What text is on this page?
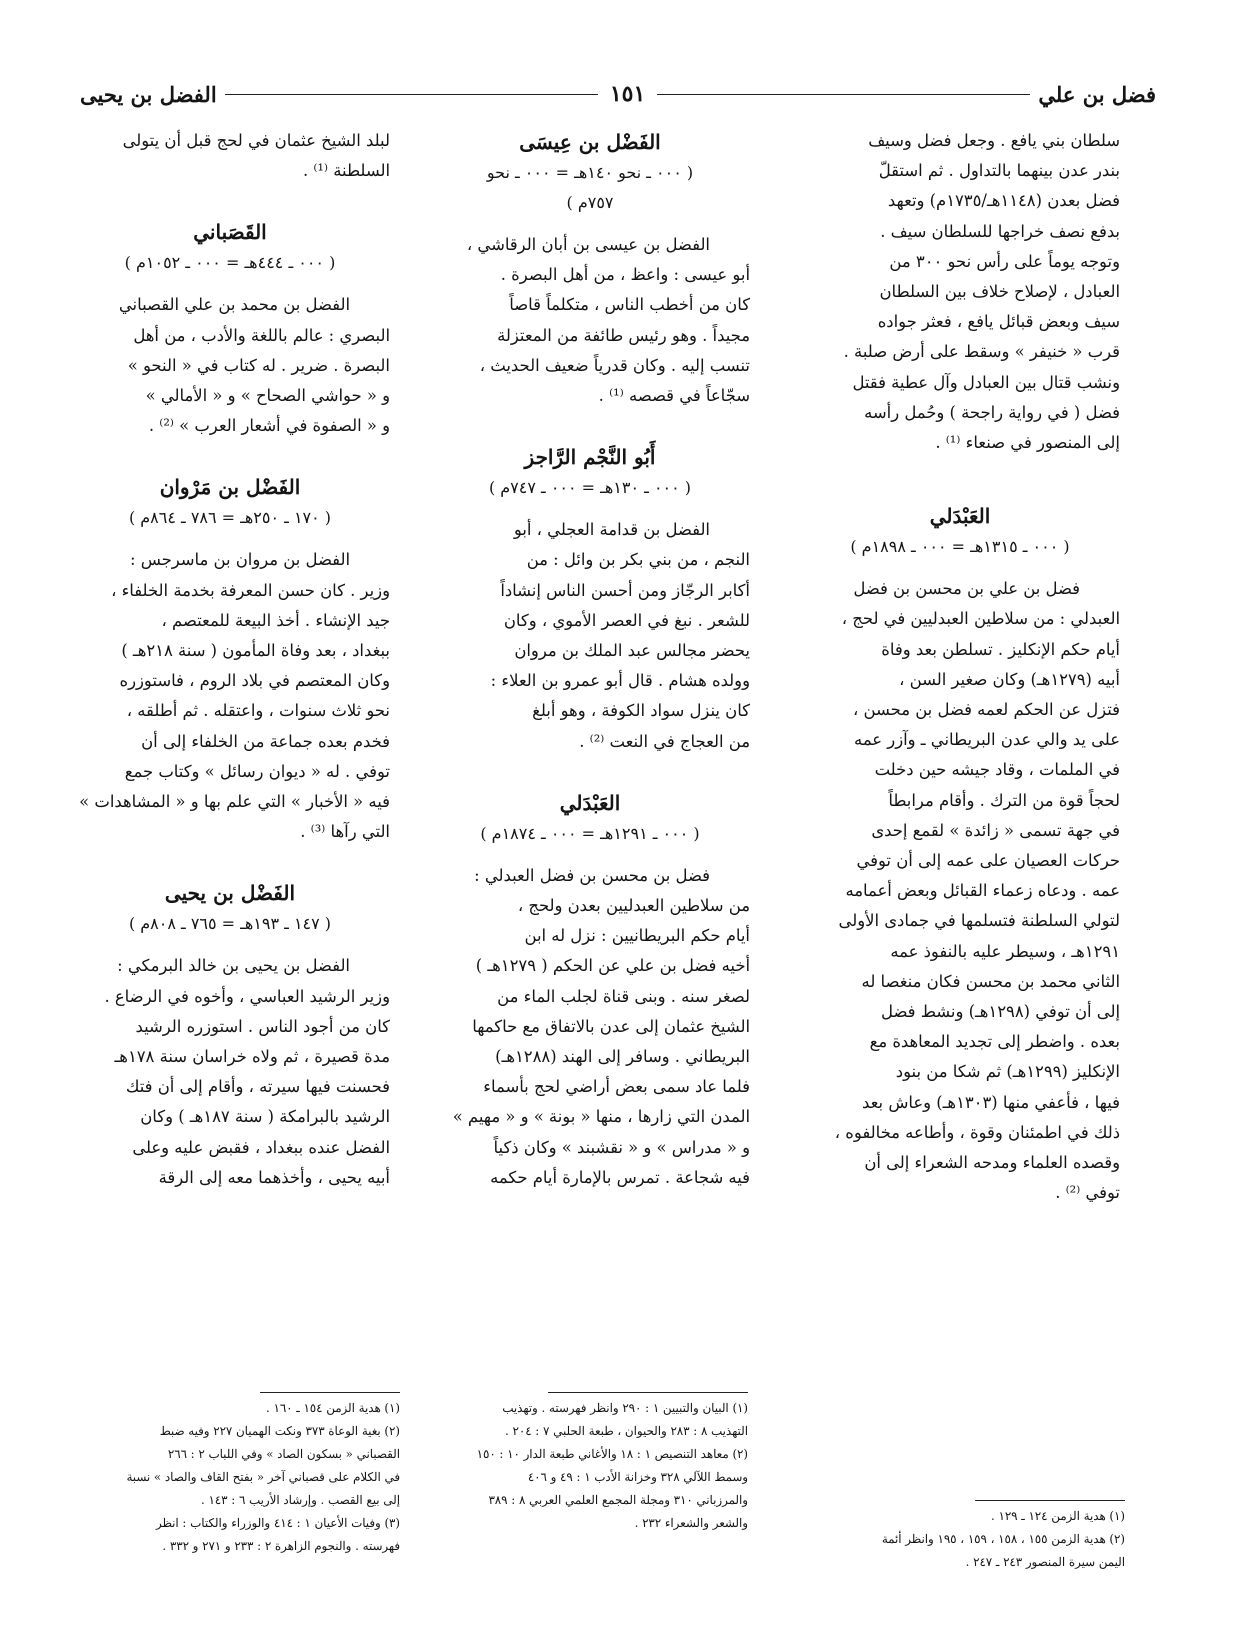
فضل بن علي
١٥١
الفضل بن يحيى

سلطان بني يافع . وجعل فضل وسيف

بندر عدن بينهما بالتداول . ثم استقلّ

فضل بعدن (١١٤٨هـ/١٧٣٥م) وتعهد

بدفع نصف خراجها للسلطان سيف .

وتوجه يوماً على رأس نحو ٣٠٠ من

العبادل ، لإصلاح خلاف بين السلطان

سيف وبعض قبائل يافع ، فعثر جواده

قرب « خنيفر » وسقط على أرض صلبة .

ونشب قتال بين العبادل وآل عطية فقتل

فضل ( في رواية راجحة ) وحُمل رأسه

إلى المنصور في صنعاء ⁽¹⁾ .

العَبْدَلي

( ٠٠٠ ـ ١٣١٥هـ = ٠٠٠ ـ ١٨٩٨م )

فضل بن علي بن محسن بن فضل

العبدلي : من سلاطين العبدليين في لحج ،

أيام حكم الإنكليز . تسلطن بعد وفاة

أبيه (١٢٧٩هـ) وكان صغير السن ،

فتزل عن الحكم لعمه فضل بن محسن ،

على يد والي عدن البريطاني ـ وآزر عمه

في الملمات ، وقاد جيشه حين دخلت

لحجاً قوة من الترك . وأقام مرابطاً

في جهة تسمى « زائدة » لقمع إحدى

حركات العصيان على عمه إلى أن توفي

عمه . ودعاه زعماء القبائل وبعض أعمامه

لتولي السلطنة فتسلمها في جمادى الأولى

١٢٩١هـ ، وسيطر عليه بالنفوذ عمه

الثاني محمد بن محسن فكان منغصا له

إلى أن توفي (١٢٩٨هـ) ونشط فضل

بعده . واضطر إلى تجديد المعاهدة مع

الإنكليز (١٢٩٩هـ) ثم شكا من بنود

فيها ، فأعفي منها (١٣٠٣هـ) وعاش بعد

ذلك في اطمئنان وقوة ، وأطاعه مخالفوه ،

وقصده العلماء ومدحه الشعراء إلى أن

توفي ⁽²⁾ .

الفَضْل بن عِيسَى

( ٠٠٠ ـ نحو ١٤٠هـ = ٠٠٠ ـ نحو

٧٥٧م )

الفضل بن عيسى بن أبان الرقاشي ،

أبو عيسى : واعظ ، من أهل البصرة .

كان من أخطب الناس ، متكلماً قاصاً

مجيداً . وهو رئيس طائفة من المعتزلة

تنسب إليه . وكان قدرياً ضعيف الحديث ،

سجّاعاً في قصصه ⁽¹⁾ .

أَبُو النَّجْم الرَّاجز

( ٠٠٠ ـ ١٣٠هـ = ٠٠٠ ـ ٧٤٧م )

الفضل بن قدامة العجلي ، أبو

النجم ، من بني بكر بن وائل : من

أكابر الرجّاز ومن أحسن الناس إنشاداً

للشعر . نبغ في العصر الأموي ، وكان

يحضر مجالس عبد الملك بن مروان

وولده هشام . قال أبو عمرو بن العلاء :

كان ينزل سواد الكوفة ، وهو أبلغ

من العجاج في النعت ⁽²⁾ .

العَبْدَلي

( ٠٠٠ ـ ١٢٩١هـ = ٠٠٠ ـ ١٨٧٤م )

فضل بن محسن بن فضل العبدلي :

من سلاطين العبدليين بعدن ولحج ،

أيام حكم البريطانيين : نزل له ابن

أخيه فضل بن علي عن الحكم ( ١٢٧٩هـ )

لصغر سنه . وبنى قناة لجلب الماء من

الشيخ عثمان إلى عدن بالاتفاق مع حاكمها

البريطاني . وسافر إلى الهند (١٢٨٨هـ)

فلما عاد سمى بعض أراضي لحج بأسماء

المدن التي زارها ، منها « بونة » و « مهيم »

و « مدراس » و « نقشبند » وكان ذكياً

فيه شجاعة . تمرس بالإمارة أيام حكمه

لبلد الشيخ عثمان في لحج قبل أن يتولى

السلطنة ⁽¹⁾ .

القَصَباني

( ٠٠٠ ـ ٤٤٤هـ = ٠٠٠ ـ ١٠٥٢م )

الفضل بن محمد بن علي القصباني

البصري : عالم باللغة والأدب ، من أهل

البصرة . ضرير . له كتاب في « النحو »

و « حواشي الصحاح » و « الأمالي »

و « الصفوة في أشعار العرب » ⁽²⁾ .

الفَضْل بن مَرْوان

( ١٧٠ ـ ٢٥٠هـ = ٧٨٦ ـ ٨٦٤م )

الفضل بن مروان بن ماسرجس :

وزير . كان حسن المعرفة بخدمة الخلفاء ،

جيد الإنشاء . أخذ البيعة للمعتصم ،

ببغداد ، بعد وفاة المأمون ( سنة ٢١٨هـ )

وكان المعتصم في بلاد الروم ، فاستوزره

نحو ثلاث سنوات ، واعتقله . ثم أطلقه ،

فخدم بعده جماعة من الخلفاء إلى أن

توفي . له « ديوان رسائل » وكتاب جمع

فيه « الأخبار » التي علم بها و « المشاهدات »

التي رآها ⁽³⁾ .

الفَضْل بن يحيى

( ١٤٧ ـ ١٩٣هـ = ٧٦٥ ـ ٨٠٨م )

الفضل بن يحيى بن خالد البرمكي :

وزير الرشيد العباسي ، وأخوه في الرضاع .

كان من أجود الناس . استوزره الرشيد

مدة قصيرة ، ثم ولاه خراسان سنة ١٧٨هـ

فحسنت فيها سيرته ، وأقام إلى أن فتك

الرشيد بالبرامكة ( سنة ١٨٧هـ ) وكان

الفضل عنده ببغداد ، فقبض عليه وعلى

أبيه يحيى ، وأخذهما معه إلى الرقة

(١) هدية الزمن ١٢٤ ـ ١٢٩ .

(٢) هدية الزمن ١٥٥ ، ١٥٨ ، ١٥٩ ، ١٩٥ وانظر أئمة

اليمن سيرة المنصور ٢٤٣ ـ ٢٤٧ .

(١) البيان والتبيين ١ : ٢٩٠ وانظر فهرسته . وتهذيب

التهذيب ٨ : ٢٨٣ والحيوان ، طبعة الحلبي ٧ : ٢٠٤ .

(٢) معاهد التنصيص ١ : ١٨ والأغاني طبعة الدار ١٠ : ١٥٠

وسمط اللآلي ٣٢٨ وخزانة الأدب ١ : ٤٩ و ٤٠٦

والمرزباني ٣١٠ ومجلة المجمع العلمي العربي ٨ : ٣٨٩

والشعر والشعراء ٢٣٢ .

(١) هدية الزمن ١٥٤ ـ ١٦٠ .

(٢) بغية الوعاة ٣٧٣ ونكت الهميان ٢٢٧ وفيه ضبط

القصباني « بسكون الصاد » وفي اللباب ٢ : ٢٦٦

في الكلام على قصباني آخر « بفتح القاف والصاد » نسبة

إلى بيع القصب . وإرشاد الأريب ٦ : ١٤٣ .

(٣) وفيات الأعيان ١ : ٤١٤ والوزراء والكتاب : انظر

فهرسته . والنجوم الزاهرة ٢ : ٢٣٣ و ٢٧١ و ٣٣٢ .
